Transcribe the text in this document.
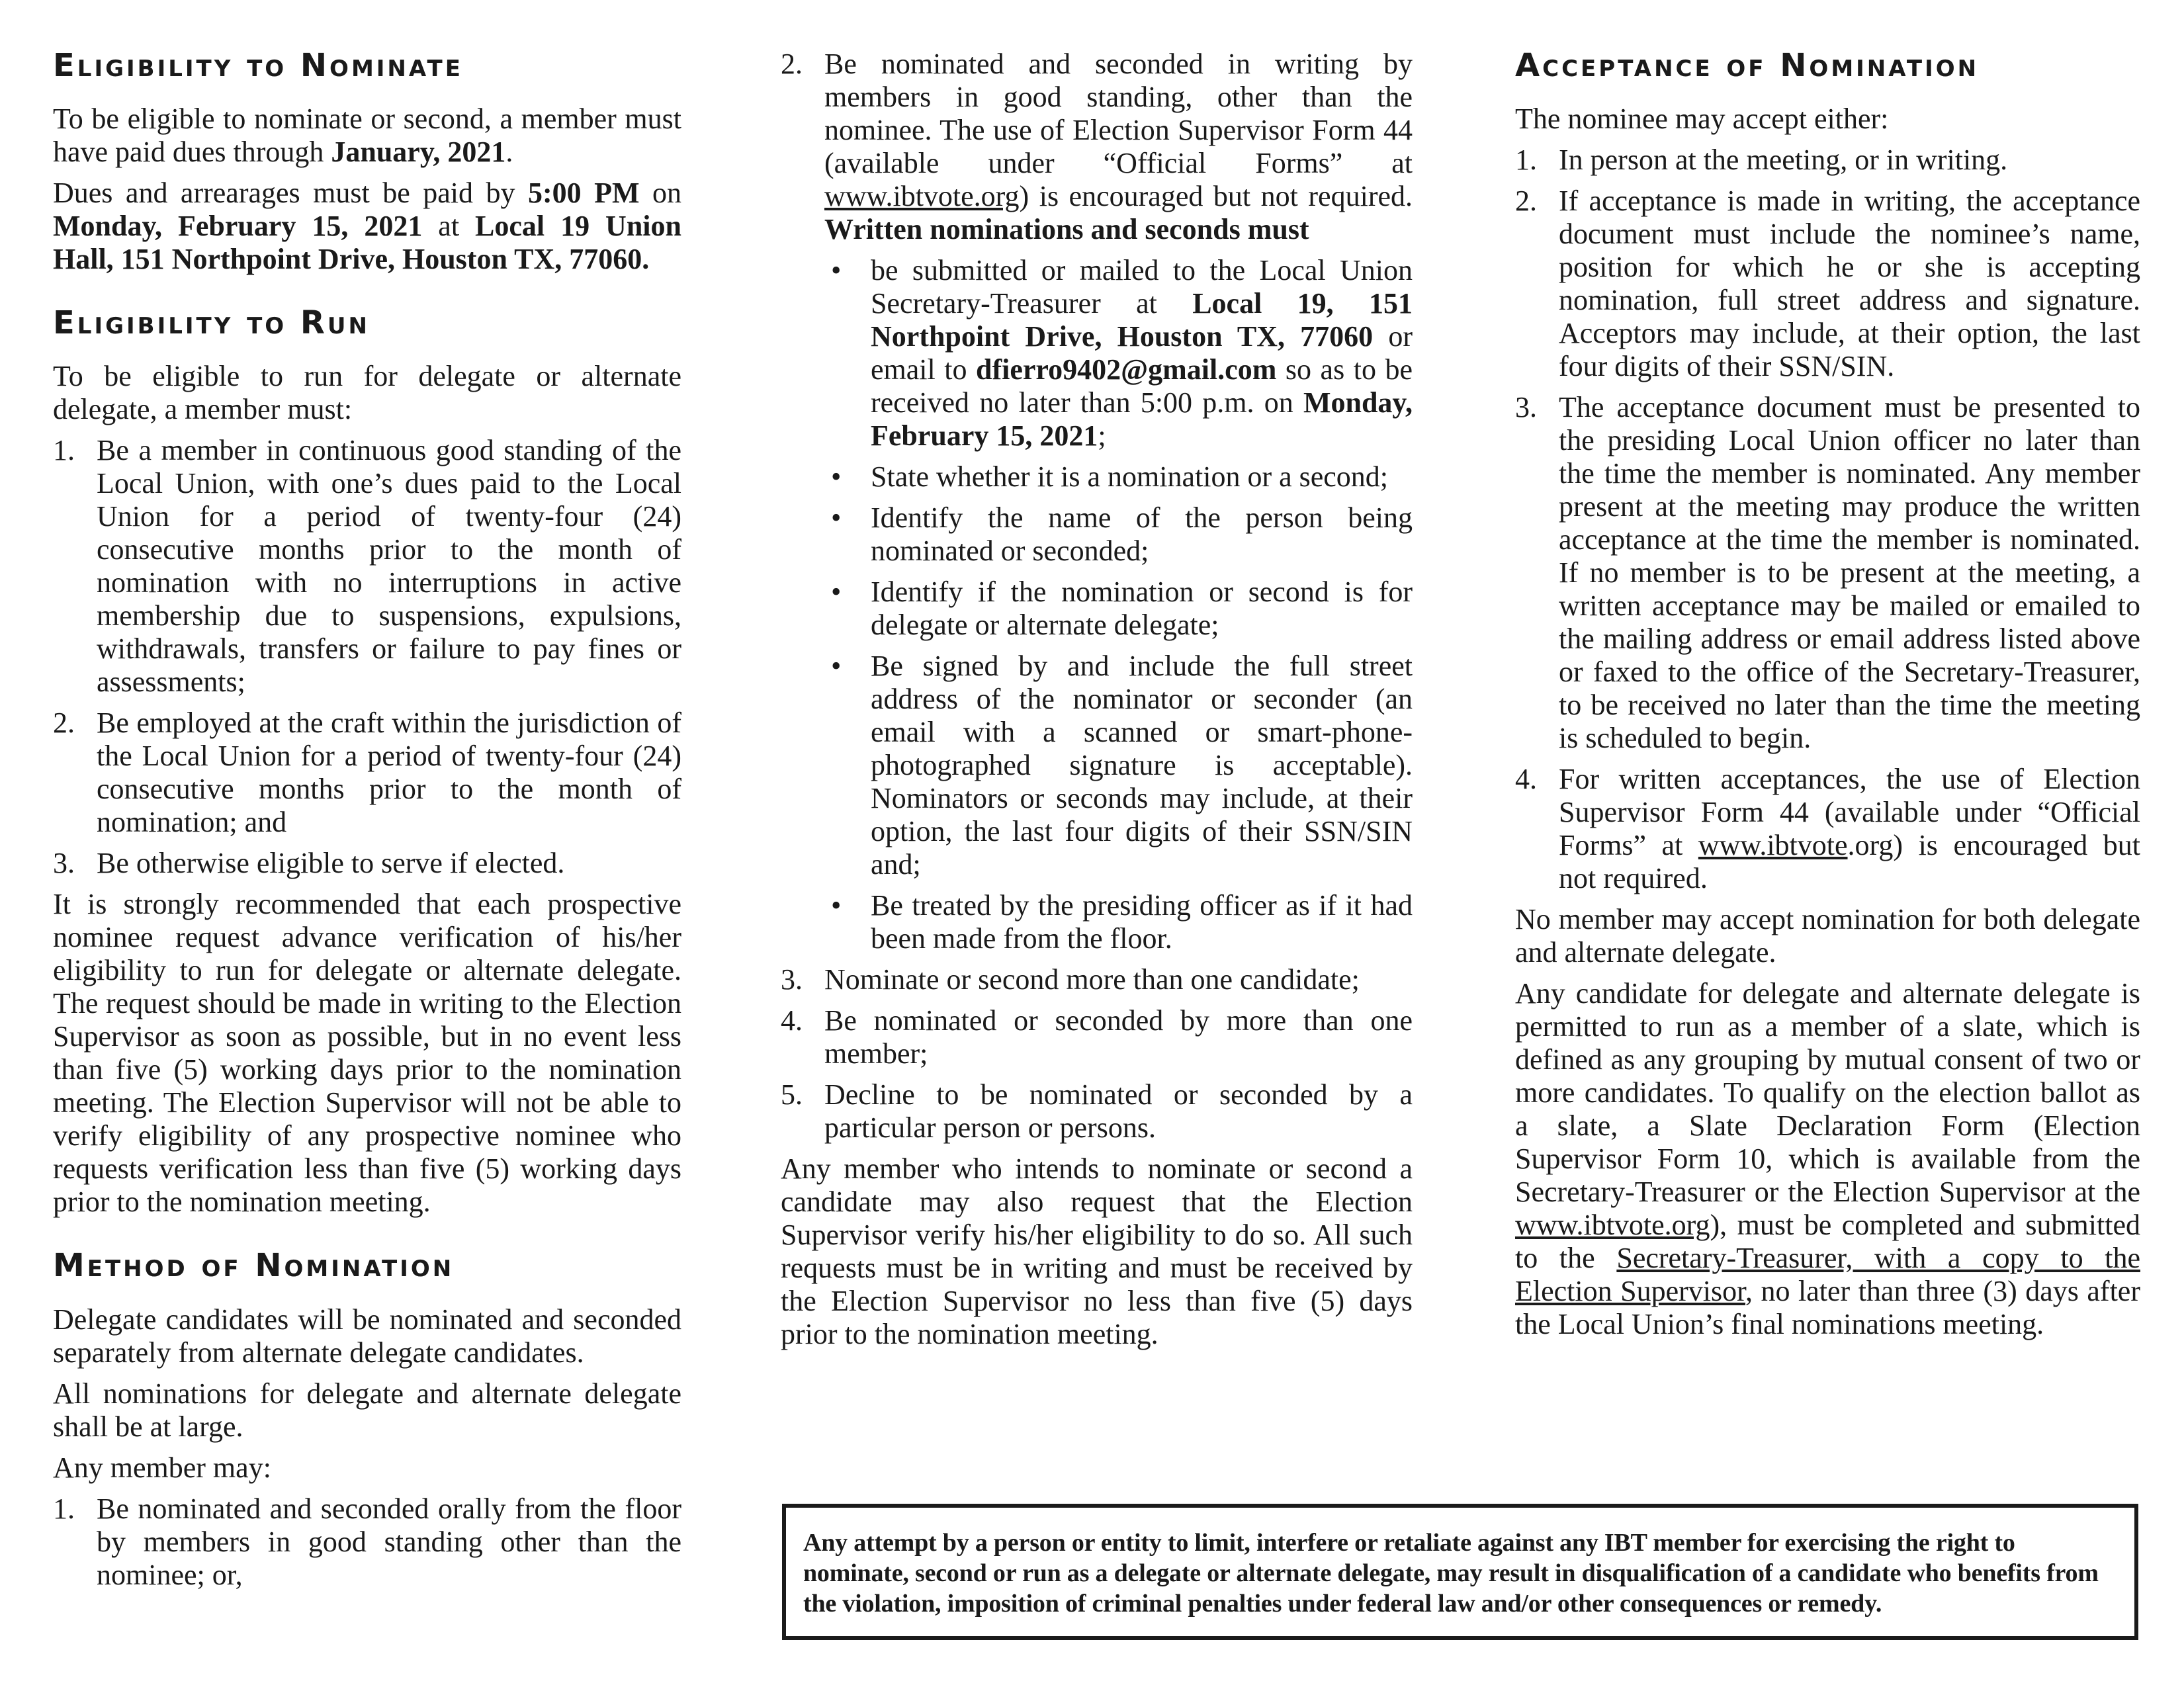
Eligibility to Nominate

To be eligible to nominate or second, a member must have paid dues through January, 2021.

Dues and arrearages must be paid by 5:00 PM on Monday, February 15, 2021 at Local 19 Union Hall, 151 Northpoint Drive, Houston TX, 77060.

Eligibility to Run

To be eligible to run for delegate or alternate delegate, a member must:

1. Be a member in continuous good standing of the Local Union, with one’s dues paid to the Local Union for a period of twenty-four (24) consecutive months prior to the month of nomination with no interruptions in active membership due to suspensions, expulsions, withdrawals, transfers or failure to pay fines or assessments;
2. Be employed at the craft within the jurisdiction of the Local Union for a period of twenty-four (24) consecutive months prior to the month of nomination; and
3. Be otherwise eligible to serve if elected.

It is strongly recommended that each prospective nominee request advance verification of his/her eligibility to run for delegate or alternate delegate. The request should be made in writing to the Election Supervisor as soon as possible, but in no event less than five (5) working days prior to the nomination meeting. The Election Supervisor will not be able to verify eligibility of any prospective nominee who requests verification less than five (5) working days prior to the nomination meeting.

Method of Nomination

Delegate candidates will be nominated and seconded separately from alternate delegate candidates.

All nominations for delegate and alternate delegate shall be at large.

Any member may:

1. Be nominated and seconded orally from the floor by members in good standing other than the nominee; or,
2. Be nominated and seconded in writing by members in good standing, other than the nominee. The use of Election Supervisor Form 44 (available under “Official Forms” at www.ibtvote.org) is encouraged but not required. Written nominations and seconds must
• be submitted or mailed to the Local Union Secretary-Treasurer at Local 19, 151 Northpoint Drive, Houston TX, 77060 or email to dfierro9402@gmail.com so as to be received no later than 5:00 p.m. on Monday, February 15, 2021;
• State whether it is a nomination or a second;
• Identify the name of the person being nominated or seconded;
• Identify if the nomination or second is for delegate or alternate delegate;
• Be signed by and include the full street address of the nominator or seconder (an email with a scanned or smart-phone-photographed signature is acceptable). Nominators or seconds may include, at their option, the last four digits of their SSN/SIN and;
• Be treated by the presiding officer as if it had been made from the floor.
3. Nominate or second more than one candidate;
4. Be nominated or seconded by more than one member;
5. Decline to be nominated or seconded by a particular person or persons.

Any member who intends to nominate or second a candidate may also request that the Election Supervisor verify his/her eligibility to do so. All such requests must be in writing and must be received by the Election Supervisor no less than five (5) days prior to the nomination meeting.

Acceptance of Nomination

The nominee may accept either:

1. In person at the meeting, or in writing.
2. If acceptance is made in writing, the acceptance document must include the nominee’s name, position for which he or she is accepting nomination, full street address and signature. Acceptors may include, at their option, the last four digits of their SSN/SIN.
3. The acceptance document must be presented to the presiding Local Union officer no later than the time the member is nominated. Any member present at the meeting may produce the written acceptance at the time the member is nominated. If no member is to be present at the meeting, a written acceptance may be mailed or emailed to the mailing address or email address listed above or faxed to the office of the Secretary-Treasurer, to be received no later than the time the meeting is scheduled to begin.
4. For written acceptances, the use of Election Supervisor Form 44 (available under “Official Forms” at www.ibtvote.org) is encouraged but not required.

No member may accept nomination for both delegate and alternate delegate.

Any candidate for delegate and alternate delegate is permitted to run as a member of a slate, which is defined as any grouping by mutual consent of two or more candidates. To qualify on the election ballot as a slate, a Slate Declaration Form (Election Supervisor Form 10, which is available from the Secretary-Treasurer or the Election Supervisor at the www.ibtvote.org), must be completed and submitted to the Secretary-Treasurer, with a copy to the Election Supervisor, no later than three (3) days after the Local Union’s final nominations meeting.

Any attempt by a person or entity to limit, interfere or retaliate against any IBT member for exercising the right to nominate, second or run as a delegate or alternate delegate, may result in disqualification of a candidate who benefits from the violation, imposition of criminal penalties under federal law and/or other consequences or remedy.
